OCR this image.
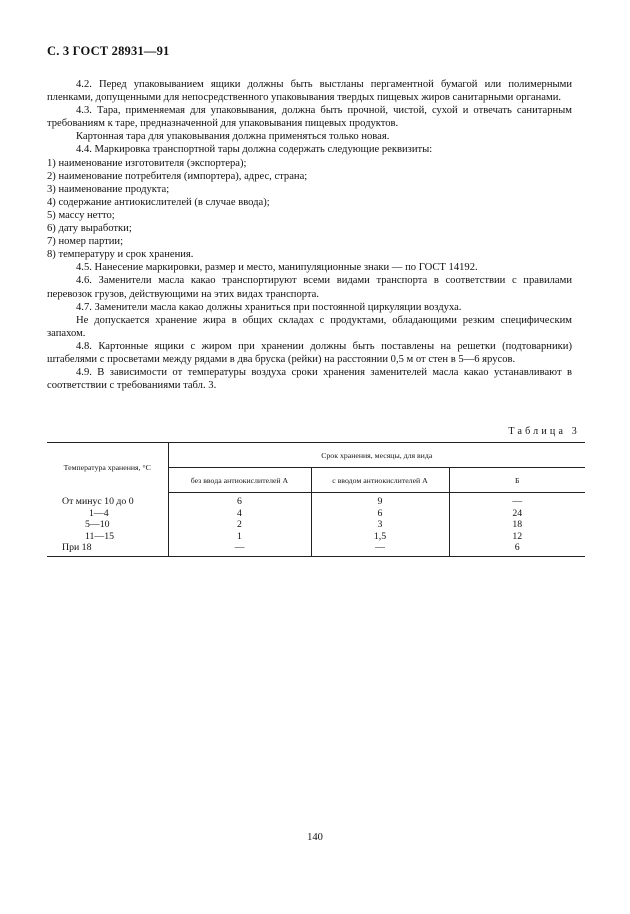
С. 3 ГОСТ 28931—91

4.2. Перед упаковыванием ящики должны быть выстланы пергаментной бумагой или полимерными пленками, допущенными для непосредственного упаковывания твердых пищевых жиров санитарными органами.

4.3. Тара, применяемая для упаковывания, должна быть прочной, чистой, сухой и отвечать санитарным требованиям к таре, предназначенной для упаковывания пищевых продуктов.

Картонная тара для упаковывания должна применяться только новая.

4.4. Маркировка транспортной тары должна содержать следующие реквизиты:

1) наименование изготовителя (экспортера);

2) наименование потребителя (импортера), адрес, страна;

3) наименование продукта;

4) содержание антиокислителей (в случае ввода);

5) массу нетто;

6) дату выработки;

7) номер партии;

8) температуру и срок хранения.

4.5. Нанесение маркировки, размер и место, манипуляционные знаки — по ГОСТ 14192.

4.6. Заменители масла какао транспортируют всеми видами транспорта в соответствии с правилами перевозок грузов, действующими на этих видах транспорта.

4.7. Заменители масла какао должны храниться при постоянной циркуляции воздуха.

Не допускается хранение жира в общих складах с продуктами, обладающими резким специфическим запахом.

4.8. Картонные ящики с жиром при хранении должны быть поставлены на решетки (подтоварники) штабелями с просветами между рядами в два бруска (рейки) на расстоянии 0,5 м от стен в 5—6 ярусов.

4.9. В зависимости от температуры воздуха сроки хранения заменителей масла какао устанавливают в соответствии с требованиями табл. 3.

Таблица 3
Температура хранения, °С	Срок хранения, месяцы, для вида		
	без ввода антиокислителей А	с вводом антиокислителей А	Б
От минус 10 до 0	6	9	—
1—4	4	6	24
5—10	2	3	18
11—15	1	1,5	12
При 18	—	—	6
140
